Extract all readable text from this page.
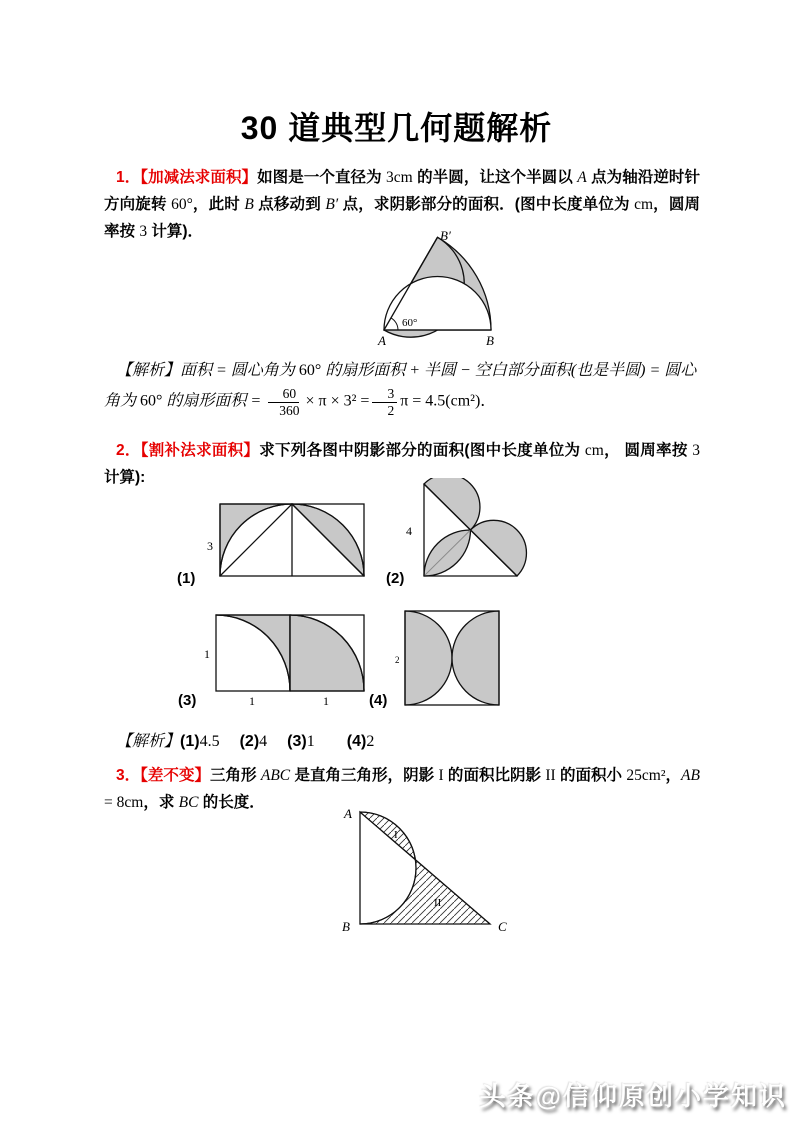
30 道典型几何题解析
1．【加减法求面积】如图是一个直径为 3cm 的半圆，让这个半圆以 A 点为轴沿逆时针方向旋转 60°，此时 B 点移动到 B′ 点，求阴影部分的面积．(图中长度单位为 cm，圆周率按 3 计算)．
60°
A	B
B′
【解析】面积 = 圆心角为 60° 的扇形面积 + 半圆 − 空白部分面积(也是半圆) = 圆心角为 60° 的扇形面积 = $\frac{60}{360} \times \pi \times 3^2 = \frac{3}{2}$ π = 4.5(cm²)．
2．【割补法求面积】求下列各图中阴影部分的面积(图中长度单位为 cm， 圆周率按 3 计算):
3
(1)
4
(2)
1
1	1
(3)
2
(4)
【解析】(1)4.5　 (2)4　 (3)1　　 (4)2
3．【差不变】三角形 ABC 是直角三角形，阴影 I 的面积比阴影 II 的面积小 25cm²，AB = 8cm，求 BC 的长度．
A
B	C
I
II
头条@信仰原创小学知识
